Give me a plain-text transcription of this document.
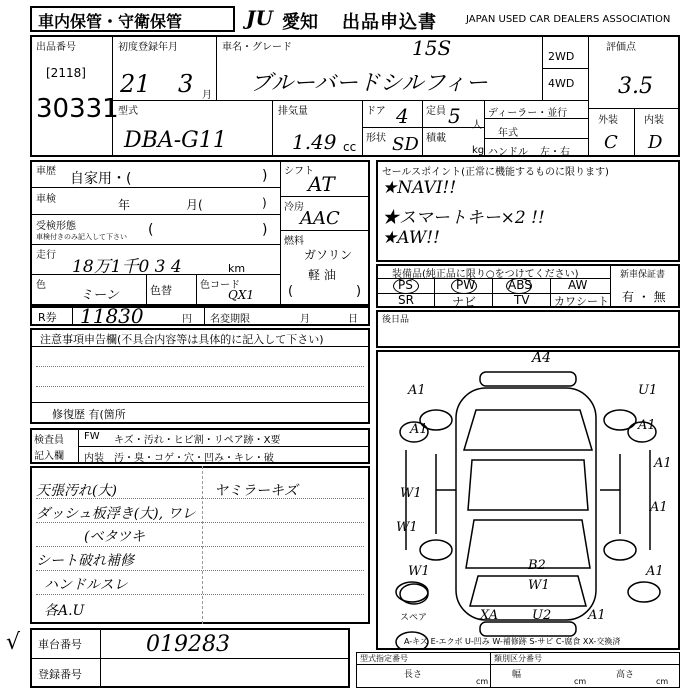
車内保管・守衛保管	JU 愛知 出品申込書	JAPAN USED CAR DEALERS ASSOCIATION
出品番号
[2118]
30331
初度登録年月
21 3 月
車名・グレード	15S
ブルーバードシルフィー
2WD
4WD
評価点
3.5
外装	内装
C D
型式
DBA-G11
排気量
1.49 cc
ドア 4 定員 5 人
形状 SD 積載
kg
ディーラー・並行
年式
ハンドル 左・右
車歴 自家用・(	)
車検	年	月(	)
受検形態
車検付きのみ記入して下さい (	)
走行
18万1千0 3 4	km
色
ミーン	色替	色コード
QX1
シフト
AT
冷房
AAC
燃料
ガソリン
軽 油
(	)
セールスポイント(正常に機能するものに限ります)
★NAVI!!
★スマートキー×2 !!
★AW!!
装備品(純正品に限り○をつけてください)
PS	PW	ABS	AW
SR	ナビ	TV カワシート
新車保証書
有 ・ 無
R券 11830	円 名変期限	月	日	後日品
注意事項申告欄(不具合内容等は具体的に記入して下さい)
修復歴 有(箇所
検査員
記入欄
FW キズ・汚れ・ヒビ割・リペア跡・X要
内装 汚・臭・コゲ・穴・凹み・キレ・破
天張汚れ(大)
ダッシュ板浮き(大), ワレ
(ベタツキ
シート破れ補修
ハンドルスレ
各A.U
ヤミラーキズ
A4
A1	U1
A1	A1
A1
W1
W1
A1
W1	B2
W1
XA	U2	A1
A1
スペア
A-キズ E-エクボ U-凹み W-補修跡 S-サビ C-腐食 XX-交換済
√ 車台番号	019283
登録番号
型式指定番号	類別区分番号
長さ	幅	高さ
cm	cm	cm
